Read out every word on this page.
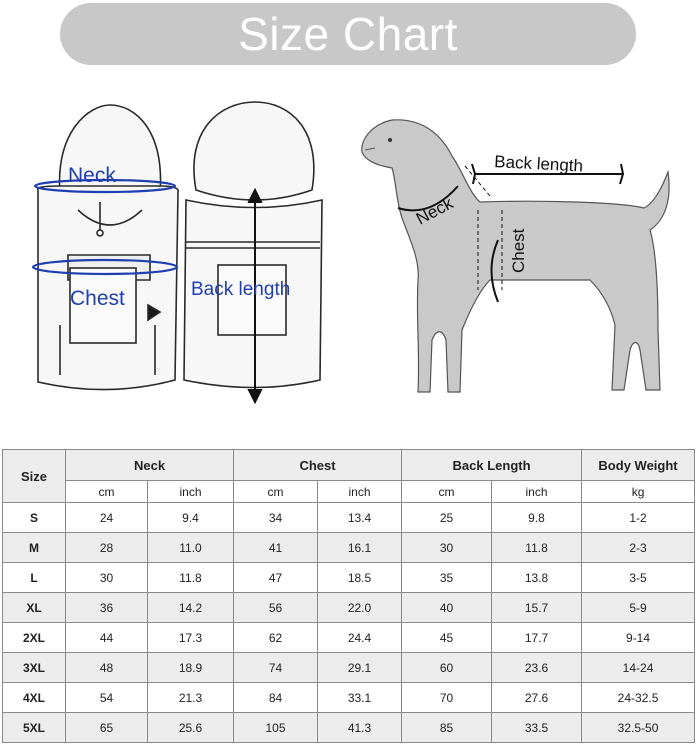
Size Chart
Neck
Chest	Back length
Back length
Neck
Chest
Size	Neck		Chest		Back Length		Body Weight
	cm	inch	cm	inch	cm	inch	kg
S	24	9.4	34	13.4	25	9.8	1-2
M	28	11.0	41	16.1	30	11.8	2-3
L	30	11.8	47	18.5	35	13.8	3-5
XL	36	14.2	56	22.0	40	15.7	5-9
2XL	44	17.3	62	24.4	45	17.7	9-14
3XL	48	18.9	74	29.1	60	23.6	14-24
4XL	54	21.3	84	33.1	70	27.6	24-32.5
5XL	65	25.6	105	41.3	85	33.5	32.5-50
